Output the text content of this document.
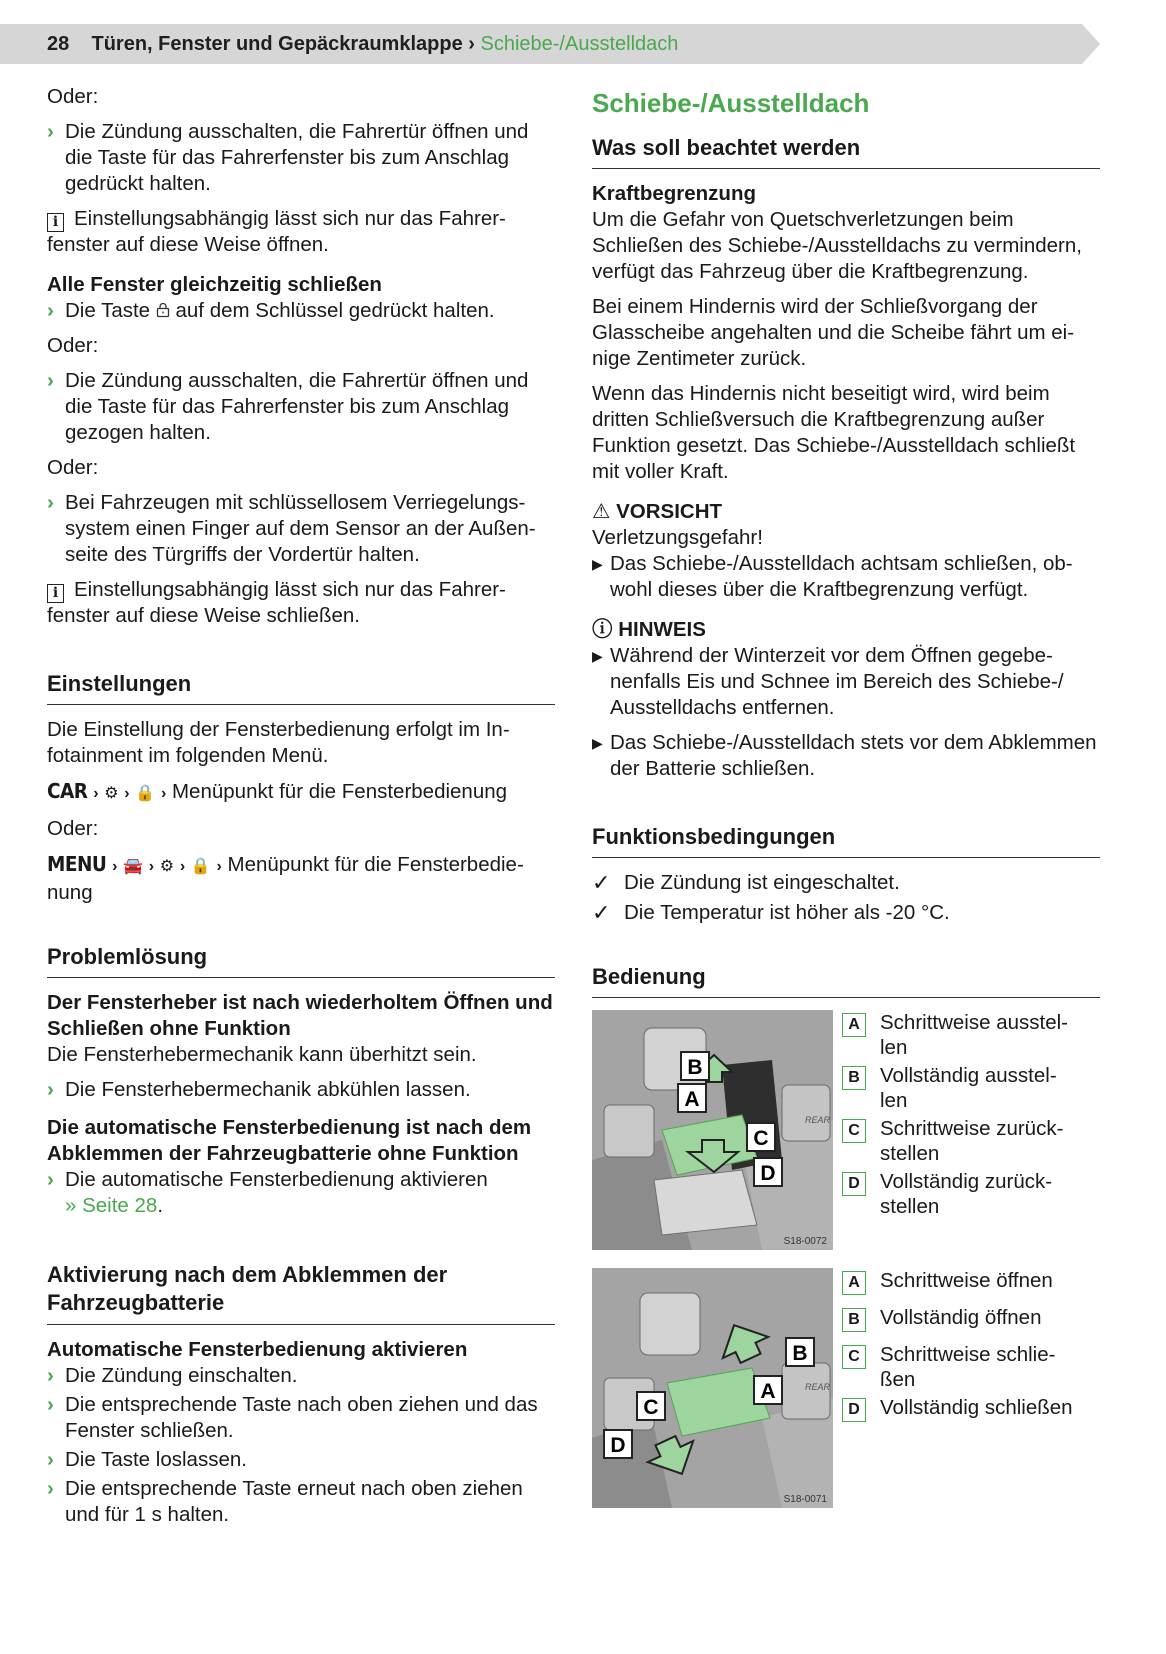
28 Türen, Fenster und Gepäckraumklappe › Schiebe-/Ausstelldach

Oder:

› Die Zündung ausschalten, die Fahrertür öffnen und die Taste für das Fahrerfenster bis zum Anschlag gedrückt halten.

i Einstellungsabhängig lässt sich nur das Fahrerfenster auf diese Weise öffnen.

Alle Fenster gleichzeitig schließen

› Die Taste auf dem Schlüssel gedrückt halten.

Oder:

› Die Zündung ausschalten, die Fahrertür öffnen und die Taste für das Fahrerfenster bis zum Anschlag gezogen halten.

Oder:

› Bei Fahrzeugen mit schlüssellosem Verriegelungssystem einen Finger auf dem Sensor an der Außenseite des Türgriffs der Vordertür halten.

i Einstellungsabhängig lässt sich nur das Fahrerfenster auf diese Weise schließen.

Einstellungen

Die Einstellung der Fensterbedienung erfolgt im Infotainment im folgenden Menü.

CAR › ⚙ › 🔒 › Menüpunkt für die Fensterbedienung

Oder:

MENU › 🚘 › ⚙ › 🔒 › Menüpunkt für die Fensterbedienung

Problemlösung

Der Fensterheber ist nach wiederholtem Öffnen und Schließen ohne Funktion

Die Fensterhebermechanik kann überhitzt sein.

› Die Fensterhebermechanik abkühlen lassen.

Die automatische Fensterbedienung ist nach dem Abklemmen der Fahrzeugbatterie ohne Funktion

› Die automatische Fensterbedienung aktivieren
» Seite 28.
Aktivierung nach dem Abklemmen der Fahrzeugbatterie

Automatische Fensterbedienung aktivieren

› Die Zündung einschalten.
› Die entsprechende Taste nach oben ziehen und das Fenster schließen.
› Die Taste loslassen.
› Die entsprechende Taste erneut nach oben ziehen und für 1 s halten.
Schiebe-/Ausstelldach
Was soll beachtet werden

Kraftbegrenzung

Um die Gefahr von Quetschverletzungen beim Schließen des Schiebe-/Ausstelldachs zu vermindern, verfügt das Fahrzeug über die Kraftbegrenzung.

Bei einem Hindernis wird der Schließvorgang der Glasscheibe angehalten und die Scheibe fährt um einige Zentimeter zurück.

Wenn das Hindernis nicht beseitigt wird, wird beim dritten Schließversuch die Kraftbegrenzung außer Funktion gesetzt. Das Schiebe-/Ausstelldach schließt mit voller Kraft.

⚠ VORSICHT

Verletzungsgefahr!

▶ Das Schiebe-/Ausstelldach achtsam schließen, obwohl dieses über die Kraftbegrenzung verfügt.

ⓘ HINWEIS

▶ Während der Winterzeit vor dem Öffnen gegebenenfalls Eis und Schnee im Bereich des Schiebe-/ Ausstelldachs entfernen.
▶ Das Schiebe-/Ausstelldach stets vor dem Abklemmen der Batterie schließen.
Funktionsbedingungen
✓ Die Zündung ist eingeschaltet.
✓ Die Temperatur ist höher als -20 °C.
Bedienung
B
A
C
D
REAR
S18-0072
A Schrittweise ausstellen
B Vollständig ausstellen
C Schrittweise zurückstellen
D Vollständig zurückstellen
B
A
C
D
REAR
S18-0071
A Schrittweise öffnen
B Vollständig öffnen
C Schrittweise schließen
D Vollständig schließen
